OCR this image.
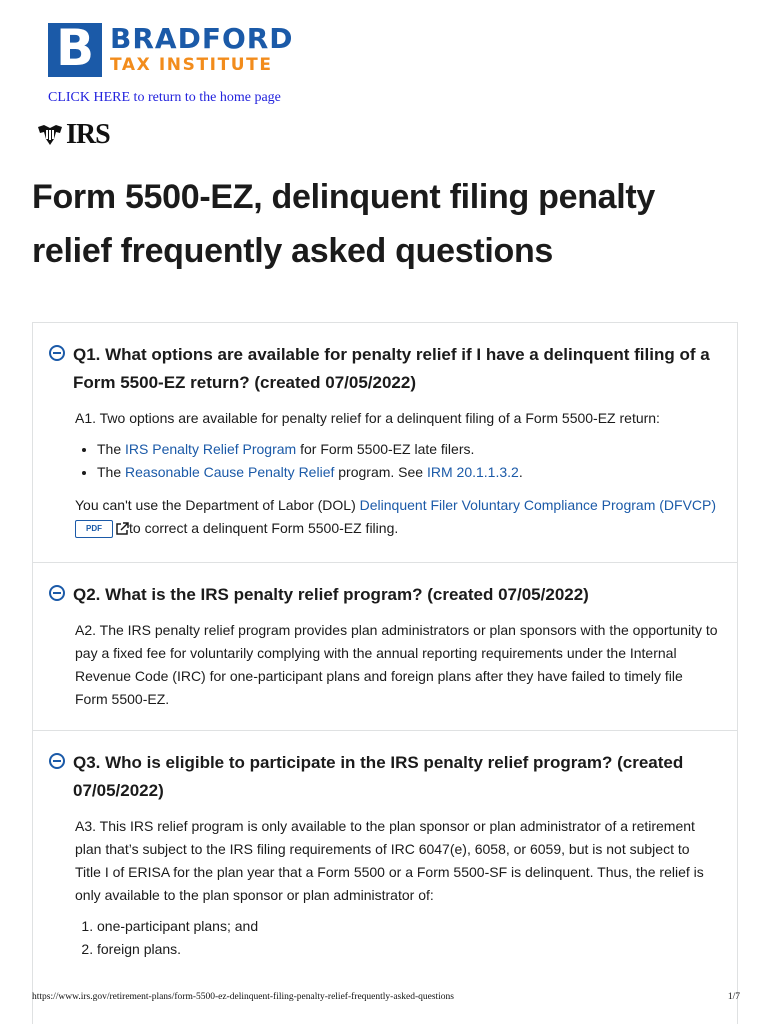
B BRADFORD
TAX INSTITUTE
CLICK HERE to return to the home page
IRS
Form 5500-EZ, delinquent filing penalty relief frequently asked questions
Q1. What options are available for penalty relief if I have a delinquent filing of a Form 5500-EZ return? (created 07/05/2022)

A1. Two options are available for penalty relief for a delinquent filing of a Form 5500-EZ return:

• The IRS Penalty Relief Program for Form 5500-EZ late filers.
• The Reasonable Cause Penalty Relief program. See IRM 20.1.1.3.2.

You can't use the Department of Labor (DOL) Delinquent Filer Voluntary Compliance Program (DFVCP)
PDF to correct a delinquent Form 5500-EZ filing.

Q2. What is the IRS penalty relief program? (created 07/05/2022)

A2. The IRS penalty relief program provides plan administrators or plan sponsors with the opportunity to pay a fixed fee for voluntarily complying with the annual reporting requirements under the Internal Revenue Code (IRC) for one-participant plans and foreign plans after they have failed to timely file Form 5500-EZ.

Q3. Who is eligible to participate in the IRS penalty relief program? (created 07/05/2022)

A3. This IRS relief program is only available to the plan sponsor or plan administrator of a retirement plan that’s subject to the IRS filing requirements of IRC 6047(e), 6058, or 6059, but is not subject to Title I of ERISA for the plan year that a Form 5500 or a Form 5500-SF is delinquent. Thus, the relief is only available to the plan sponsor or plan administrator of:

1. one-participant plans; and
2. foreign plans.
https://www.irs.gov/retirement-plans/form-5500-ez-delinquent-filing-penalty-relief-frequently-asked-questions	1/7
